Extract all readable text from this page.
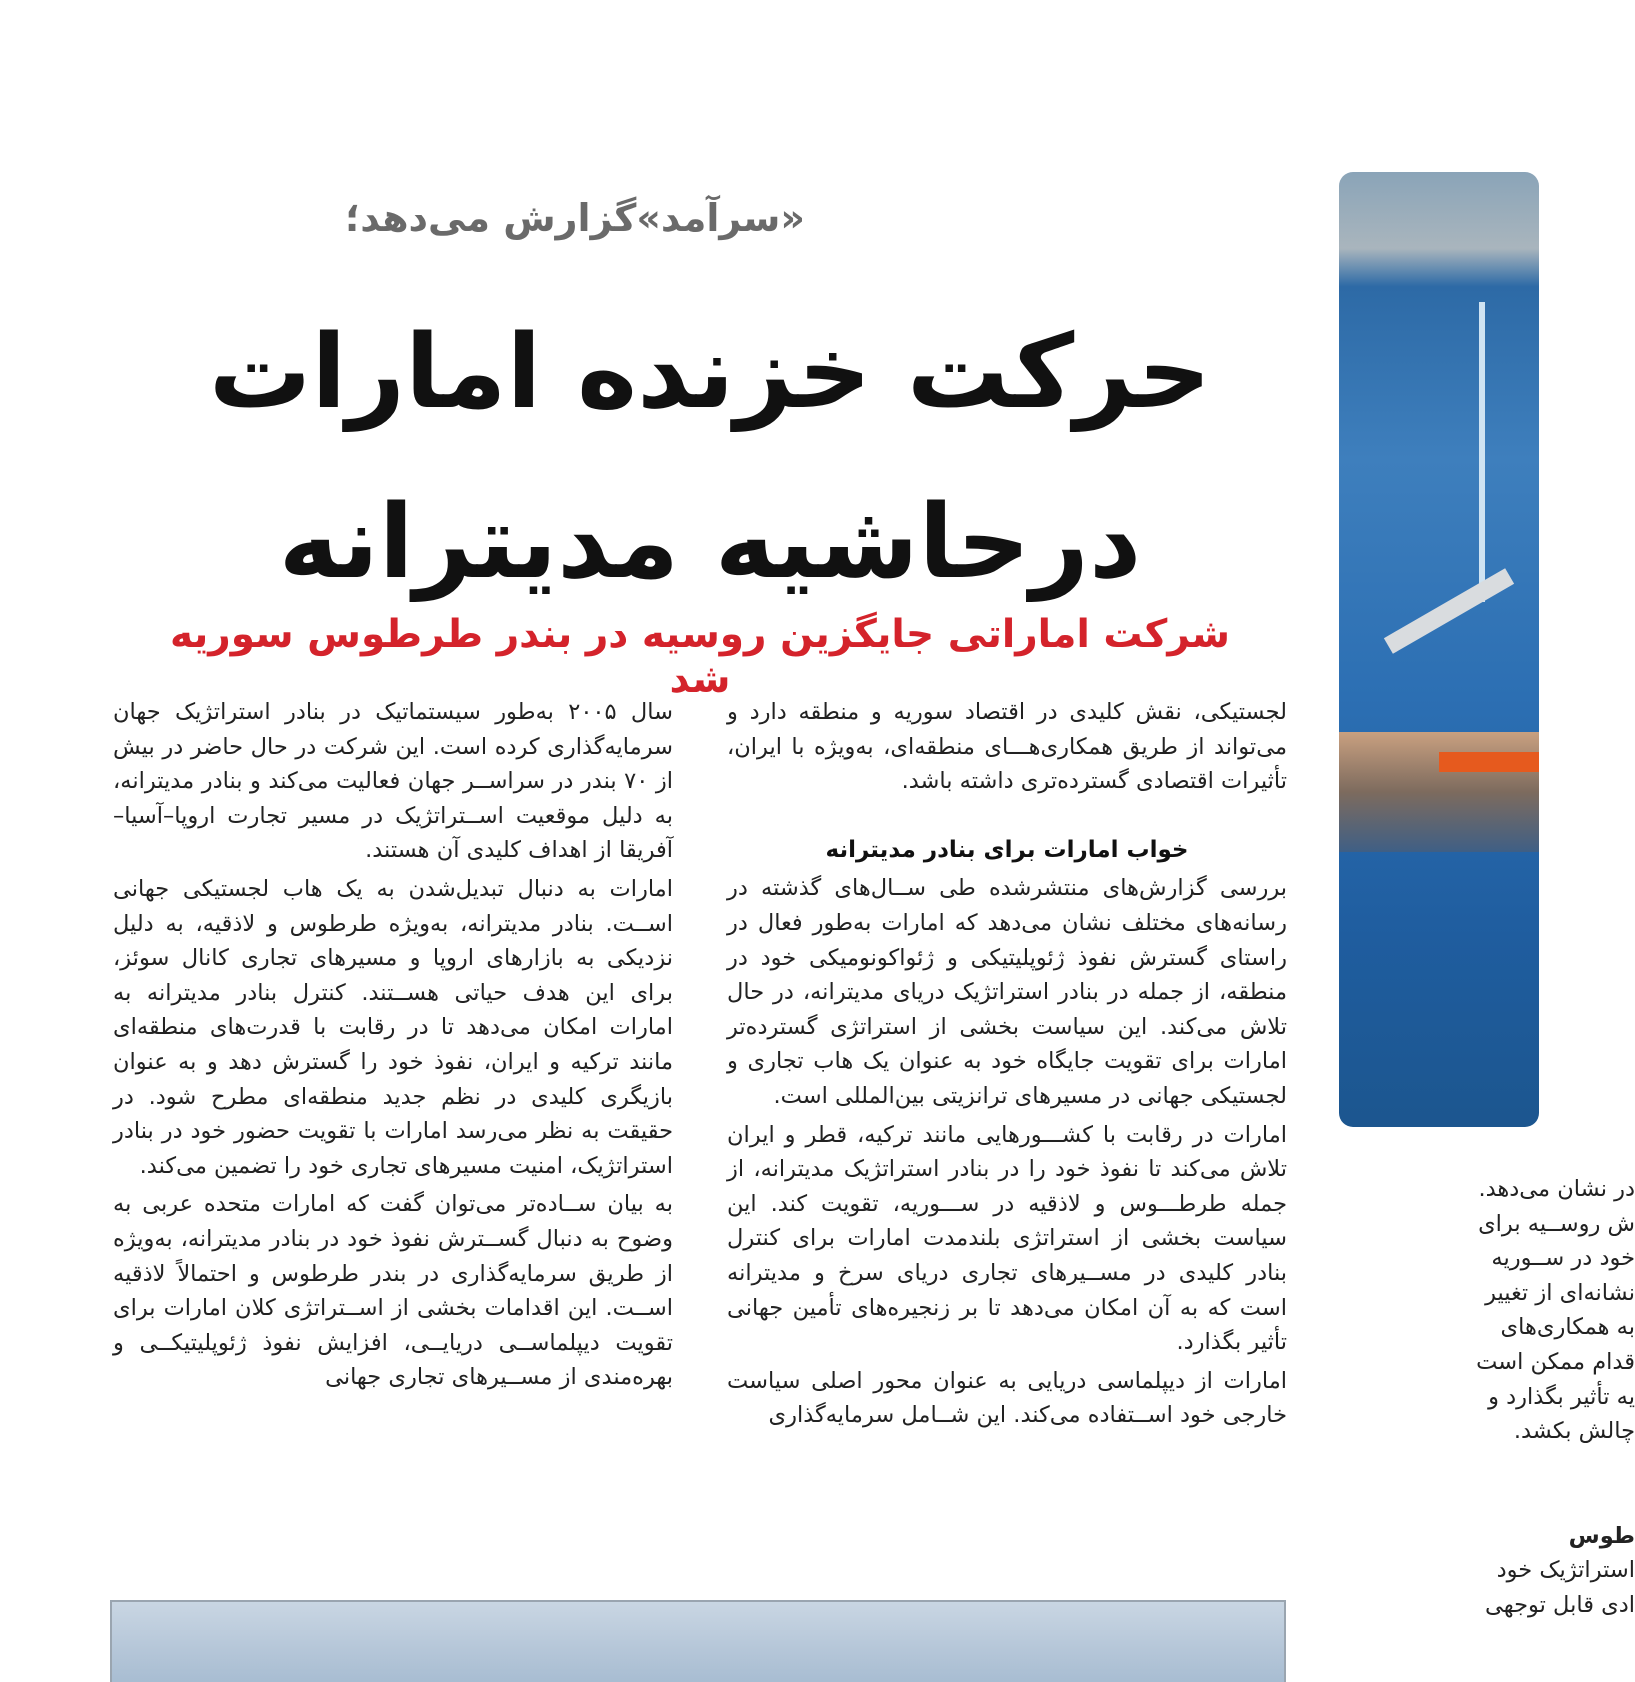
«سرآمد»گزارش می‌دهد؛
حرکت خزنده امارات
درحاشیه مدیترانه
شرکت اماراتی جایگزین روسیه در بندر طرطوس سوریه شد

لجستیکی، نقش کلیدی در اقتصاد سوریه و منطقه دارد و می‌تواند از طریق همکاری‌هـــای منطقه‌ای، به‌ویژه با ایران، تأثیرات اقتصادی گسترده‌تری داشته باشد.

خواب امارات برای بنادر مدیترانه

بررسی گزارش‌های منتشرشده طی ســال‌های گذشته در رسانه‌های مختلف نشان می‌دهد که امارات به‌طور فعال در راستای گسترش نفوذ ژئوپلیتیکی و ژئواکونومیکی خود در منطقه، از جمله در بنادر استراتژیک دریای مدیترانه، در حال تلاش می‌کند. این سیاست بخشی از استراتژی گسترده‌تر امارات برای تقویت جایگاه خود به عنوان یک هاب تجاری و لجستیکی جهانی در مسیرهای ترانزیتی بین‌المللی است.

امارات در رقابت با کشـــورهایی مانند ترکیه، قطر و ایران تلاش می‌کند تا نفوذ خود را در بنادر استراتژیک مدیترانه، از جمله طرطـــوس و لاذقیه در ســـوریه، تقویت کند. این سیاست بخشی از استراتژی بلندمدت امارات برای کنترل بنادر کلیدی در مســیرهای تجاری دریای سرخ و مدیترانه است که به آن امکان می‌دهد تا بر زنجیره‌های تأمین جهانی تأثیر بگذارد.

امارات از دیپلماسی دریایی به عنوان محور اصلی سیاست خارجی خود اســتفاده می‌کند. این شــامل سرمایه‌گذاری

سال ۲۰۰۵ به‌طور سیستماتیک در بنادر استراتژیک جهان سرمایه‌گذاری کرده است. این شرکت در حال حاضر در بیش از ۷۰ بندر در سراســر جهان فعالیت می‌کند و بنادر مدیترانه، به دلیل موقعیت اســتراتژیک در مسیر تجارت اروپا–آسیا–آفریقا از اهداف کلیدی آن هستند.

امارات به دنبال تبدیل‌شدن به یک هاب لجستیکی جهانی اســت. بنادر مدیترانه، به‌ویژه طرطوس و لاذقیه، به دلیل نزدیکی به بازارهای اروپا و مسیرهای تجاری کانال سوئز، برای این هدف حیاتی هســتند. کنترل بنادر مدیترانه به امارات امکان می‌دهد تا در رقابت با قدرت‌های منطقه‌ای مانند ترکیه و ایران، نفوذ خود را گسترش دهد و به عنوان بازیگری کلیدی در نظم جدید منطقه‌ای مطرح شود. در حقیقت به نظر می‌رسد امارات با تقویت حضور خود در بنادر استراتژیک، امنیت مسیرهای تجاری خود را تضمین می‌کند.

به بیان ســاده‌تر می‌توان گفت که امارات متحده عربی به وضوح به دنبال گســترش نفوذ خود در بنادر مدیترانه، به‌ویژه از طریق سرمایه‌گذاری در بندر طرطوس و احتمالاً لاذقیه اســت. این اقدامات بخشی از اســتراتژی کلان امارات برای تقویت دیپلماســی دریایــی، افزایش نفوذ ژئوپلیتیکــی و بهره‌مندی از مســیرهای تجاری جهانی

در نشان می‌دهد.
ش روســیه برای
خود در ســوریه
نشانه‌ای از تغییر
به همکاری‌های
قدام ممکن است
یه تأثیر بگذارد و
چالش بکشد.
طوس
استراتژیک خود
ادی قابل توجهی
